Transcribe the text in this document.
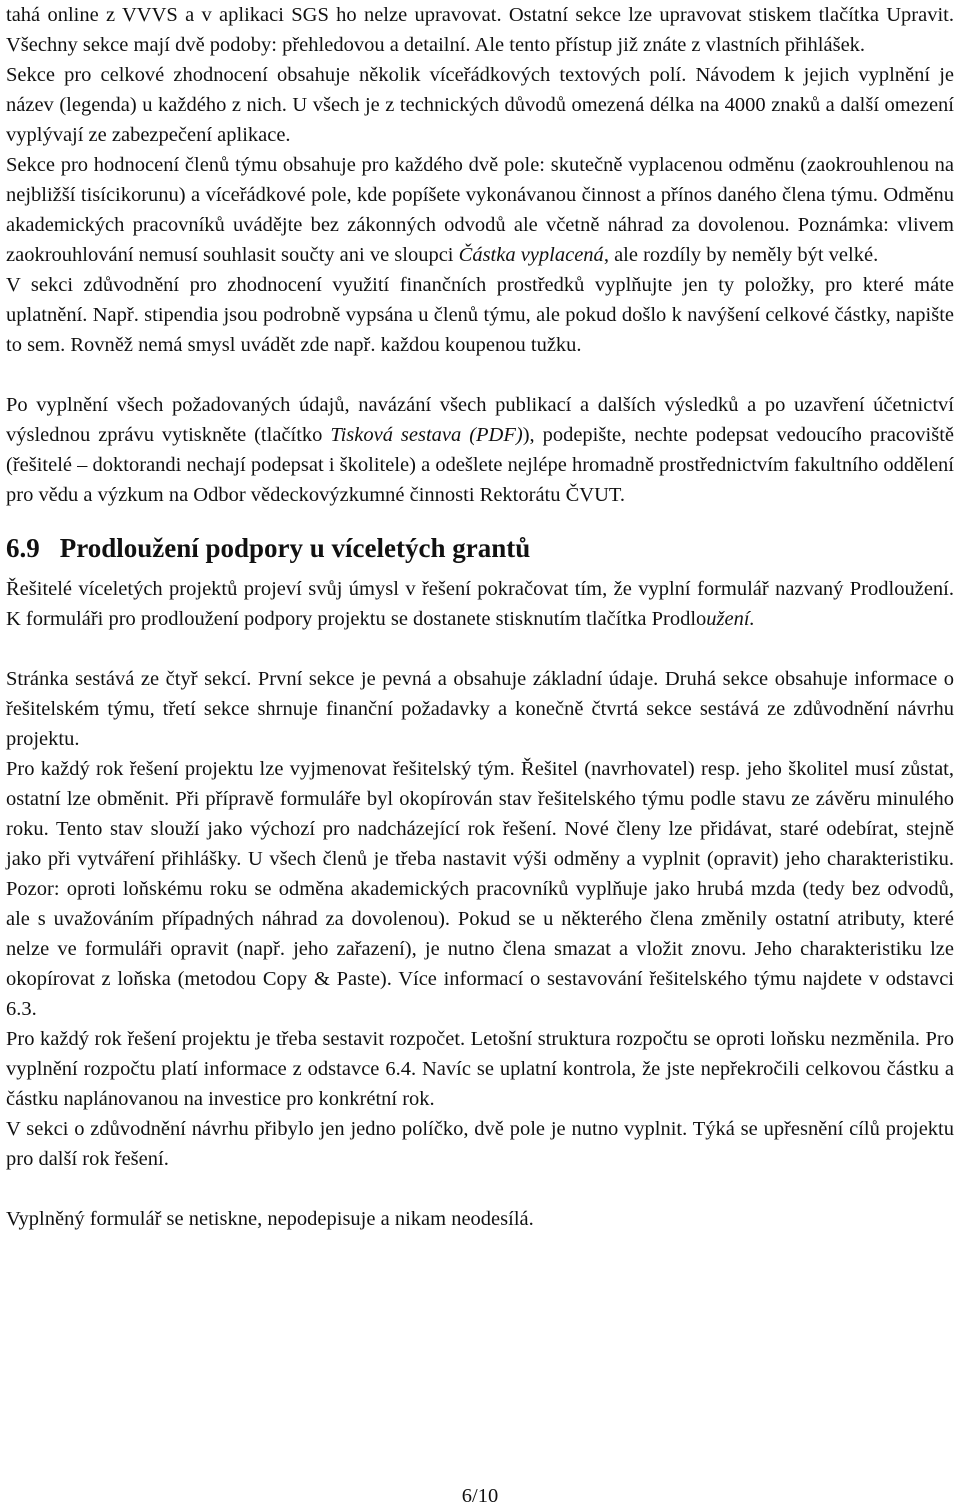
tahá online z VVVS a v aplikaci SGS ho nelze upravovat. Ostatní sekce lze upravovat stiskem tlačítka Upravit. Všechny sekce mají dvě podoby: přehledovou a detailní. Ale tento přístup již znáte z vlastních přihlášek.

Sekce pro celkové zhodnocení obsahuje několik víceřádkových textových polí. Návodem k jejich vyplnění je název (legenda) u každého z nich. U všech je z technických důvodů omezená délka na 4000 znaků a další omezení vyplývají ze zabezpečení aplikace.

Sekce pro hodnocení členů týmu obsahuje pro každého dvě pole: skutečně vyplacenou odměnu (zaokrouhlenou na nejbližší tisícikorunu) a víceřádkové pole, kde popíšete vykonávanou činnost a přínos daného člena týmu. Odměnu akademických pracovníků uvádějte bez zákonných odvodů ale včetně náhrad za dovolenou. Poznámka: vlivem zaokrouhlování nemusí souhlasit součty ani ve sloupci Částka vyplacená, ale rozdíly by neměly být velké.

V sekci zdůvodnění pro zhodnocení využití finančních prostředků vyplňujte jen ty položky, pro které máte uplatnění. Např. stipendia jsou podrobně vypsána u členů týmu, ale pokud došlo k navýšení celkové částky, napište to sem. Rovněž nemá smysl uvádět zde např. každou koupenou tužku.

Po vyplnění všech požadovaných údajů, navázání všech publikací a dalších výsledků a po uzavření účetnictví výslednou zprávu vytiskněte (tlačítko Tisková sestava (PDF)), podepište, nechte podepsat vedoucího pracoviště (řešitelé – doktorandi nechají podepsat i školitele) a odešlete nejlépe hromadně prostřednictvím fakultního oddělení pro vědu a výzkum na Odbor vědeckovýzkumné činnosti Rektorátu ČVUT.

6.9 Prodloužení podpory u víceletých grantů

Řešitelé víceletých projektů projeví svůj úmysl v řešení pokračovat tím, že vyplní formulář nazvaný Prodloužení. K formuláři pro prodloužení podpory projektu se dostanete stisknutím tlačítka Prodloužení.

Stránka sestává ze čtyř sekcí. První sekce je pevná a obsahuje základní údaje. Druhá sekce obsahuje informace o řešitelském týmu, třetí sekce shrnuje finanční požadavky a konečně čtvrtá sekce sestává ze zdůvodnění návrhu projektu.

Pro každý rok řešení projektu lze vyjmenovat řešitelský tým. Řešitel (navrhovatel) resp. jeho školitel musí zůstat, ostatní lze obměnit. Při přípravě formuláře byl okopírován stav řešitelského týmu podle stavu ze závěru minulého roku. Tento stav slouží jako výchozí pro nadcházející rok řešení. Nové členy lze přidávat, staré odebírat, stejně jako při vytváření přihlášky. U všech členů je třeba nastavit výši odměny a vyplnit (opravit) jeho charakteristiku. Pozor: oproti loňskému roku se odměna akademických pracovníků vyplňuje jako hrubá mzda (tedy bez odvodů, ale s uvažováním případných náhrad za dovolenou). Pokud se u některého člena změnily ostatní atributy, které nelze ve formuláři opravit (např. jeho zařazení), je nutno člena smazat a vložit znovu. Jeho charakteristiku lze okopírovat z loňska (metodou Copy & Paste). Více informací o sestavování řešitelského týmu najdete v odstavci 6.3.

Pro každý rok řešení projektu je třeba sestavit rozpočet. Letošní struktura rozpočtu se oproti loňsku nezměnila. Pro vyplnění rozpočtu platí informace z odstavce 6.4. Navíc se uplatní kontrola, že jste nepřekročili celkovou částku a částku naplánovanou na investice pro konkrétní rok.

V sekci o zdůvodnění návrhu přibylo jen jedno políčko, dvě pole je nutno vyplnit. Týká se upřesnění cílů projektu pro další rok řešení.

Vyplněný formulář se netiskne, nepodepisuje a nikam neodesílá.

6/10
